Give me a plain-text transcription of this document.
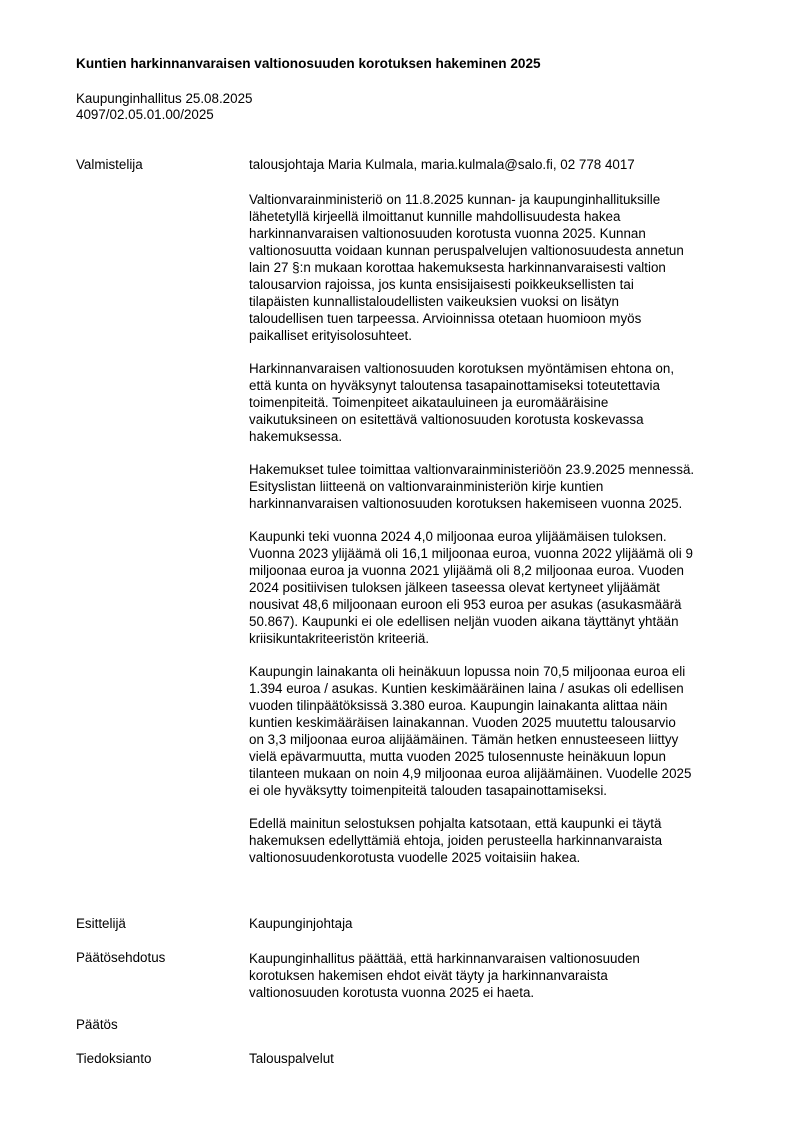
Kuntien harkinnanvaraisen valtionosuuden korotuksen hakeminen 2025
Kaupunginhallitus 25.08.2025
4097/02.05.01.00/2025
Valmistelija	talousjohtaja Maria Kulmala, maria.kulmala@salo.fi, 02 778 4017
Valtionvarainministeriö on 11.8.2025 kunnan- ja kaupunginhallituksille
lähetetyllä kirjeellä ilmoittanut kunnille mahdollisuudesta hakea
harkinnanvaraisen valtionosuuden korotusta vuonna 2025. Kunnan
valtionosuutta voidaan kunnan peruspalvelujen valtionosuudesta annetun
lain 27 §:n mukaan korottaa hakemuksesta harkinnanvaraisesti valtion
talousarvion rajoissa, jos kunta ensisijaisesti poikkeuksellisten tai
tilapäisten kunnallistaloudellisten vaikeuksien vuoksi on lisätyn
taloudellisen tuen tarpeessa. Arvioinnissa otetaan huomioon myös
paikalliset erityisolosuhteet.
Harkinnanvaraisen valtionosuuden korotuksen myöntämisen ehtona on,
että kunta on hyväksynyt taloutensa tasapainottamiseksi toteutettavia
toimenpiteitä. Toimenpiteet aikatauluineen ja euromääräisine
vaikutuksineen on esitettävä valtionosuuden korotusta koskevassa
hakemuksessa.
Hakemukset tulee toimittaa valtionvarainministeriöön 23.9.2025 mennessä.
Esityslistan liitteenä on valtionvarainministeriön kirje kuntien
harkinnanvaraisen valtionosuuden korotuksen hakemiseen vuonna 2025.
Kaupunki teki vuonna 2024 4,0 miljoonaa euroa ylijäämäisen tuloksen.
Vuonna 2023 ylijäämä oli 16,1 miljoonaa euroa, vuonna 2022 ylijäämä oli 9
miljoonaa euroa ja vuonna 2021 ylijäämä oli 8,2 miljoonaa euroa. Vuoden
2024 positiivisen tuloksen jälkeen taseessa olevat kertyneet ylijäämät
nousivat 48,6 miljoonaan euroon eli 953 euroa per asukas (asukasmäärä
50.867). Kaupunki ei ole edellisen neljän vuoden aikana täyttänyt yhtään
kriisikuntakriteeristön kriteeriä.
Kaupungin lainakanta oli heinäkuun lopussa noin 70,5 miljoonaa euroa eli
1.394 euroa / asukas. Kuntien keskimääräinen laina / asukas oli edellisen
vuoden tilinpäätöksissä 3.380 euroa. Kaupungin lainakanta alittaa näin
kuntien keskimääräisen lainakannan. Vuoden 2025 muutettu talousarvio
on 3,3 miljoonaa euroa alijäämäinen. Tämän hetken ennusteeseen liittyy
vielä epävarmuutta, mutta vuoden 2025 tulosennuste heinäkuun lopun
tilanteen mukaan on noin 4,9 miljoonaa euroa alijäämäinen. Vuodelle 2025
ei ole hyväksytty toimenpiteitä talouden tasapainottamiseksi.
Edellä mainitun selostuksen pohjalta katsotaan, että kaupunki ei täytä
hakemuksen edellyttämiä ehtoja, joiden perusteella harkinnanvaraista
valtionosuudenkorotusta vuodelle 2025 voitaisiin hakea.
Esittelijä	Kaupunginjohtaja
Päätösehdotus	Kaupunginhallitus päättää, että harkinnanvaraisen valtionosuuden
korotuksen hakemisen ehdot eivät täyty ja harkinnanvaraista
valtionosuuden korotusta vuonna 2025 ei haeta.
Päätös
Tiedoksianto	Talouspalvelut
